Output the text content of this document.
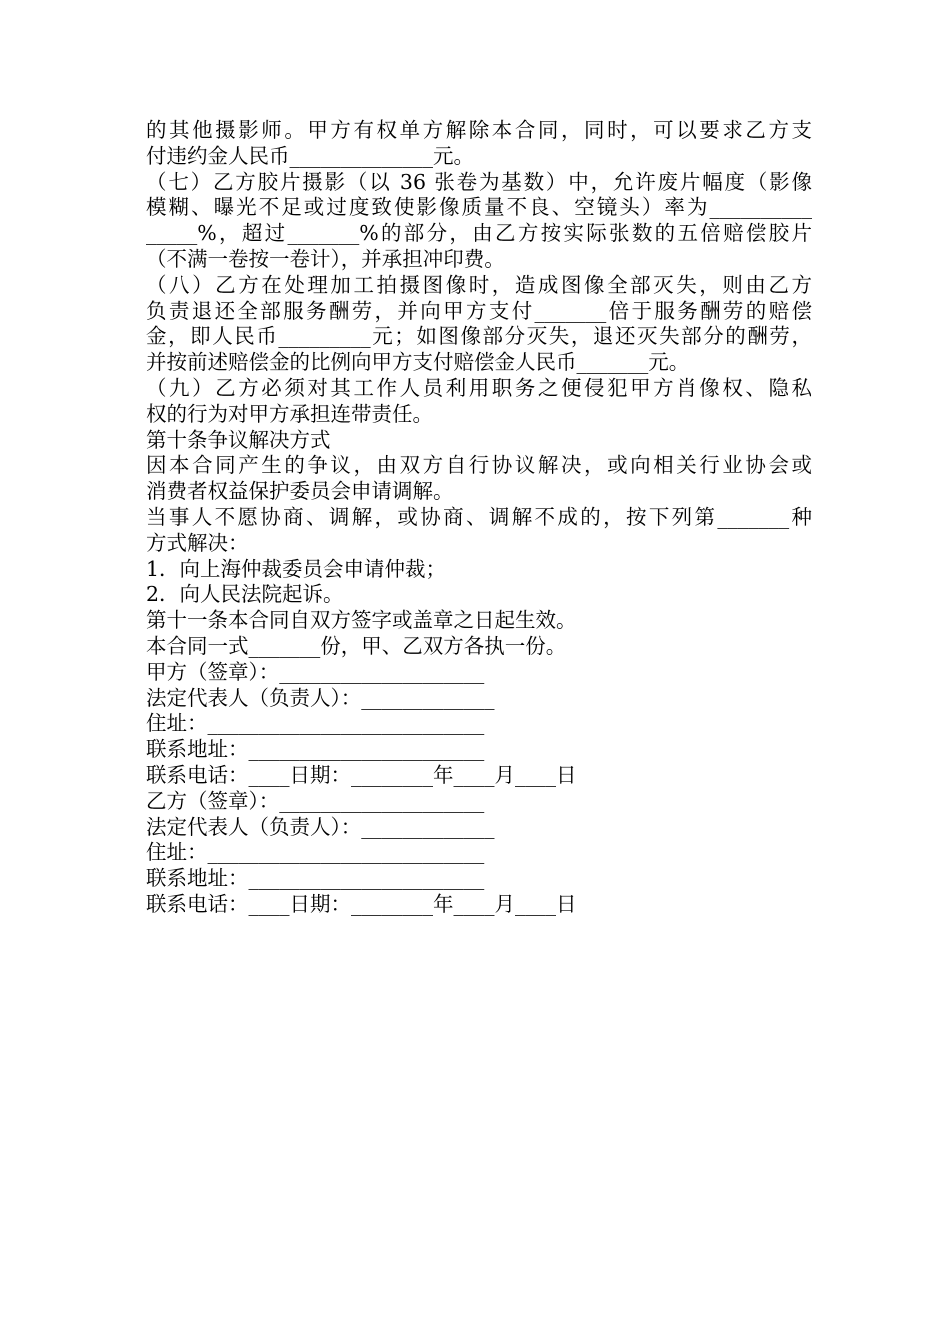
的其他摄影师。甲方有权单方解除本合同，同时，可以要求乙方支
付违约金人民币______________元。
（七）乙方胶片摄影（以 36 张卷为基数）中，允许废片幅度（影像
模糊、曝光不足或过度致使影像质量不良、空镜头）率为__________
_____%，超过_______%的部分，由乙方按实际张数的五倍赔偿胶片
（不满一卷按一卷计），并承担冲印费。
（八）乙方在处理加工拍摄图像时，造成图像全部灭失，则由乙方
负责退还全部服务酬劳，并向甲方支付_______倍于服务酬劳的赔偿
金，即人民币_________元；如图像部分灭失，退还灭失部分的酬劳，
并按前述赔偿金的比例向甲方支付赔偿金人民币_______元。
（九）乙方必须对其工作人员利用职务之便侵犯甲方肖像权、隐私
权的行为对甲方承担连带责任。
第十条争议解决方式
因本合同产生的争议，由双方自行协议解决，或向相关行业协会或
消费者权益保护委员会申请调解。
当事人不愿协商、调解，或协商、调解不成的，按下列第_______种
方式解决：
1．向上海仲裁委员会申请仲裁；
2．向人民法院起诉。
第十一条本合同自双方签字或盖章之日起生效。
本合同一式_______份，甲、乙双方各执一份。
甲方（签章）：____________________
法定代表人（负责人）：_____________
住址：___________________________
联系地址：_______________________
联系电话：____日期：________年____月____日
乙方（签章）：____________________
法定代表人（负责人）：_____________
住址：___________________________
联系地址：_______________________
联系电话：____日期：________年____月____日
